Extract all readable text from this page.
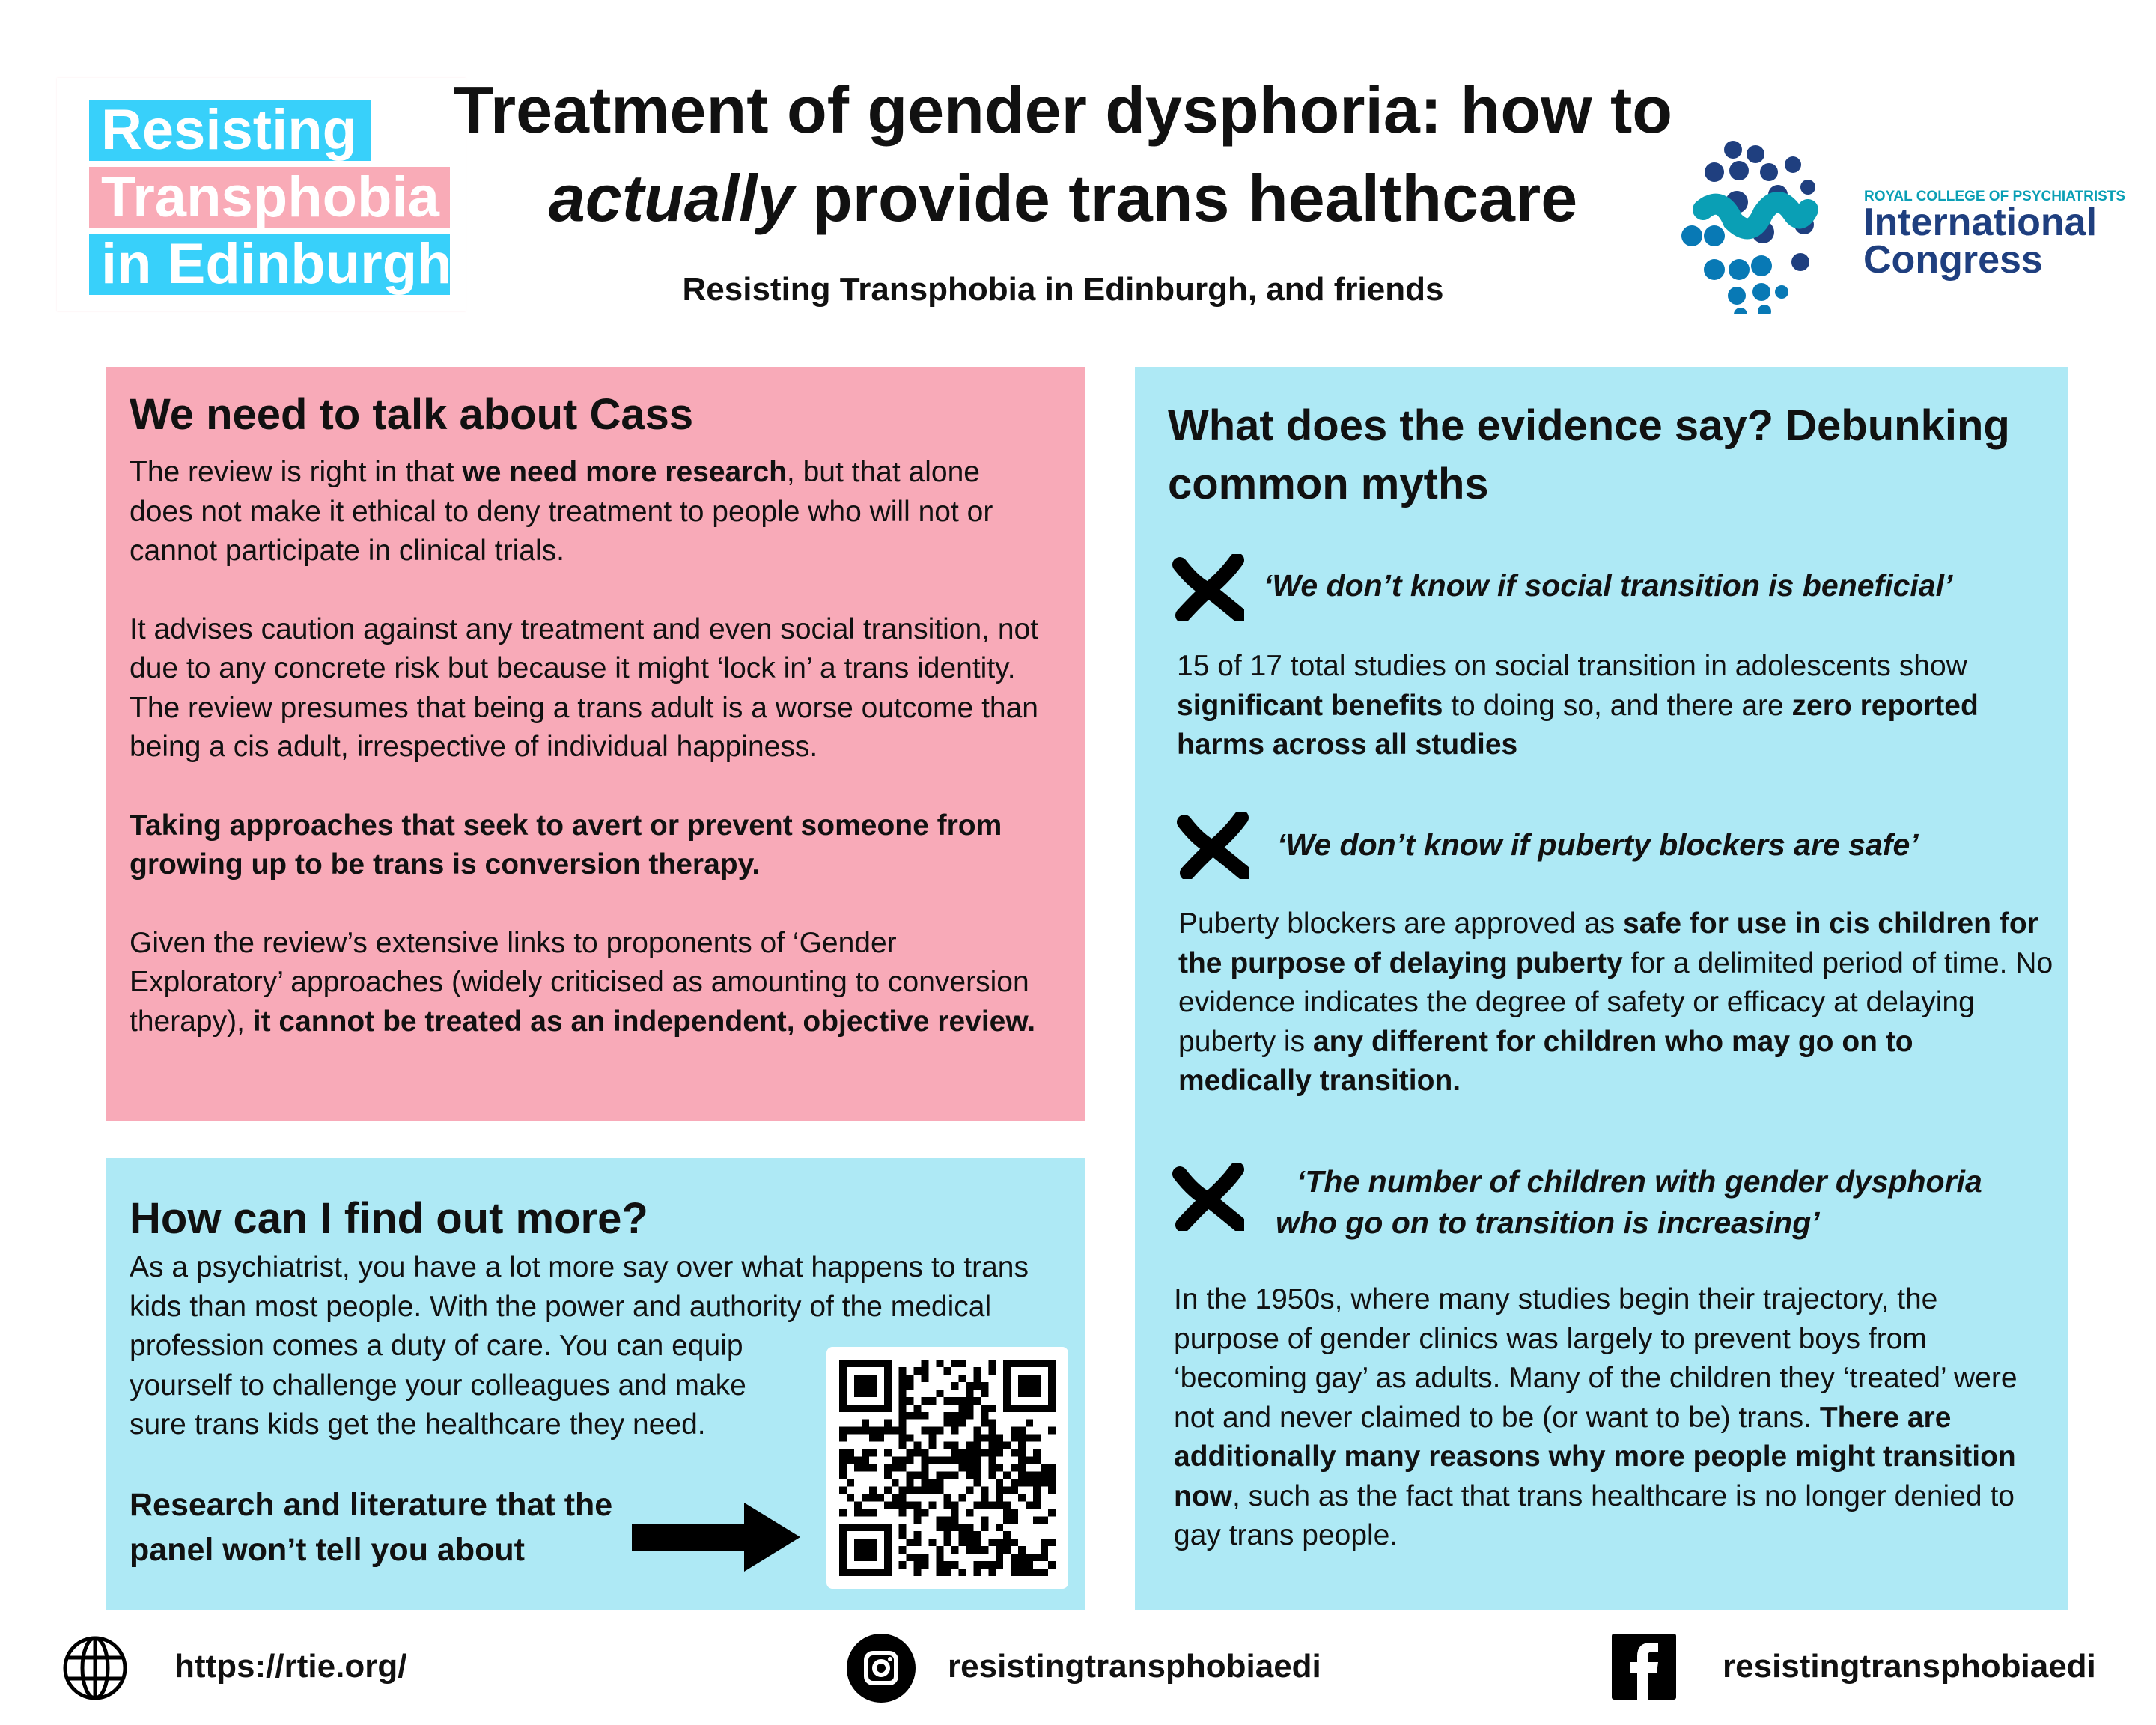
Resisting
Transphobia
in Edinburgh
Treatment of gender dysphoria: how to
actually provide trans healthcare
Resisting Transphobia in Edinburgh, and friends
ROYAL COLLEGE OF PSYCHIATRISTS
International
Congress
We need to talk about Cass

The review is right in that we need more research, but that alone does not make it ethical to deny treatment to people who will not or cannot participate in clinical trials.

It advises caution against any treatment and even social transition, not due to any concrete risk but because it might ‘lock in’ a trans identity. The review presumes that being a trans adult is a worse outcome than being a cis adult, irrespective of individual happiness.

Taking approaches that seek to avert or prevent someone from growing up to be trans is conversion therapy.

Given the review’s extensive links to proponents of ‘Gender Exploratory’ approaches (widely criticised as amounting to conversion therapy), it cannot be treated as an independent, objective review.

How can I find out more?
As a psychiatrist, you have a lot more say over what happens to trans kids than most people. With the power and authority of the medical profession comes a duty of care. You can equip yourself to challenge your colleagues and make sure trans kids get the healthcare they need.

Research and literature that the panel won’t tell you about

What does the evidence say? Debunking common myths
‘We don’t know if social transition is beneficial’

15 of 17 total studies on social transition in adolescents show significant benefits to doing so, and there are zero reported harms across all studies

‘We don’t know if puberty blockers are safe’

Puberty blockers are approved as safe for use in cis children for the purpose of delaying puberty for a delimited period of time. No evidence indicates the degree of safety or efficacy at delaying puberty is any different for children who may go on to medically transition.

‘The number of children with gender dysphoria
who go on to transition is increasing’

In the 1950s, where many studies begin their trajectory, the purpose of gender clinics was largely to prevent boys from ‘becoming gay’ as adults. Many of the children they ‘treated’ were not and never claimed to be (or want to be) trans. There are additionally many reasons why more people might transition now, such as the fact that trans healthcare is no longer denied to gay trans people.

https://rtie.org/	resistingtransphobiaedi	resistingtransphobiaedi
